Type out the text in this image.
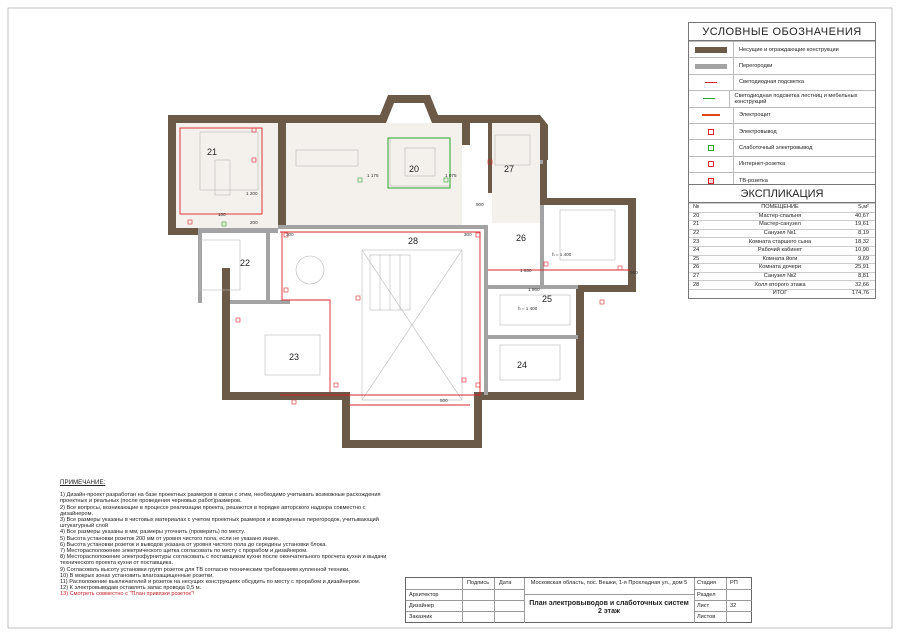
21
20	27
28	26
22
25
23
24
1 175	1 075
h = 1 400
h = 1 400
1 630
1 960
300	300
300
500
200
100
1 200
900
УСЛОВНЫЕ ОБОЗНАЧЕНИЯ
Несущие и ограждающие конструкции
Перегородки
Светодиодная подсветка
Светодиодная подсветка лестниц и мебельных конструкций
Электрощит
Электровывод
Слаботочный электровывод
Интернет-розетка
ТВ-розетка
ЭКСПЛИКАЦИЯ
№	ПОМЕЩЕНИЕ	S,м²
20	Мастер-спальня	40,67
21	Мастер-санузел	19,61
22	Санузел №1	8,19
23	Комната старшего сына	18,32
24	Рабочий кабинет	10,90
25	Комната йоги	9,69
26	Комната дочери	25,91
27	Санузел №2	8,81
28	Холл второго этажа	32,66
	ИТОГ	174,76
ПРИМЕЧАНИЕ:
1) Дизайн-проект разработан на базе проектных размеров в связи с этим, необходимо учитывать возможные расхождения проектных и реальных (после проведения черновых работ)размеров.
2) Все вопросы, возникающие в процессе реализации проекта, решаются в порядке авторского надзора совместно с дизайнером.
3) Все размеры указаны в чистовых материалах с учетом проектных размеров и возведенных перегородок, учитывающий штукатурный слой
4) Все размеры указаны в мм, размеры уточнить (проверить) по месту.
5) Высота установки розеток 200 мм от уровня чистого пола, если не указано иначе.
6) Высота установки розеток и выводов указана от уровня чистого пола до середины установки блока.
7) Месторасположение электрического щитка согласовать по месту с прорабом и дизайнером.
8) Месторасположение электрофурнитуры согласовать с поставщиком кухни после окончательного просчета кухни и выдачи технического проекта кухни от поставщика.
9) Согласовать высоту установки групп розеток для ТВ согласно техническим требованиям купленной техники.
10) В мокрых зонах установить влагозащищенные розетки.
11) Расположение выключателей и розеток на несущих конструкциях обсудить по месту с прорабом и дизайнером.
12) К электровыводам оставлять запас провода 0,5 м.
13) Смотреть совместно с "План привязки розеток"!
Подпись Дата
Архитектор
Дизайнер
Заказчик
Московская область, пос. Вешки, 1-я Прохладная ул., дом 5
План электровыводов и слаботочных систем 2 этаж
Стадия РП
Раздел
Лист	32
Листов
